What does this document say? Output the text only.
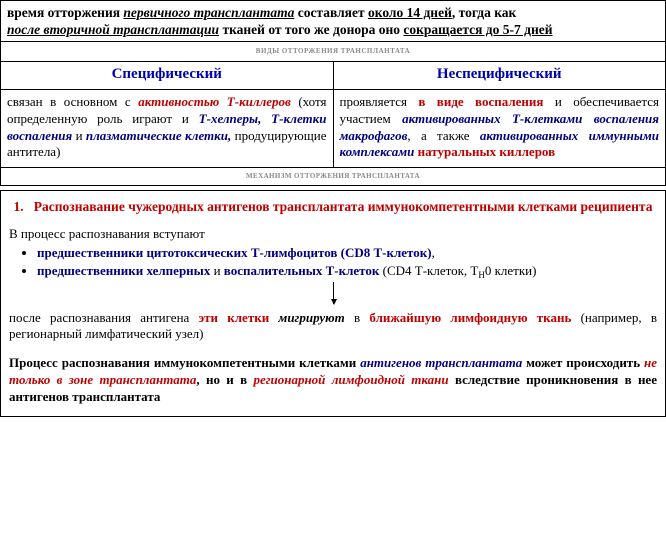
время отторжения первичного трансплантата составляет около 14 дней, тогда как
после вторичной трансплантации тканей от того же донора оно сокращается до 5-7 дней
ВИДЫ ОТТОРЖЕНИЯ ТРАНСПЛАНТАТА
Специфический	Неспецифический
связан в основном с активностью Т-киллеров (хотя определенную роль играют и Т-хелперы, Т-клетки воспаления и плазматические клетки, продуцирующие антитела)	проявляется в виде воспаления и обеспечивается участием активированных Т-клетками воспаления макрофагов, а также активированных иммунными комплексами натуральных киллеров
МЕХАНИЗМ ОТТОРЖЕНИЯ ТРАНСПЛАНТАТА
1. Распознавание чужеродных антигенов трансплантата иммунокомпетентными клетками реципиента
В процесс распознавания вступают
• предшественники цитотоксических Т-лимфоцитов (CD8 Т-клеток),
• предшественники хелперных и воспалительных Т-клеток (CD4 Т-клеток, $Т_H0$ клетки)
после распознавания антигена эти клетки мигрируют в ближайшую лимфоидную ткань (например, в регионарный лимфатический узел)
Процесс распознавания иммунокомпетентными клетками антигенов трансплантата может происходить не только в зоне трансплантата, но и в регионарной лимфоидной ткани вследствие проникновения в нее антигенов трансплантата
